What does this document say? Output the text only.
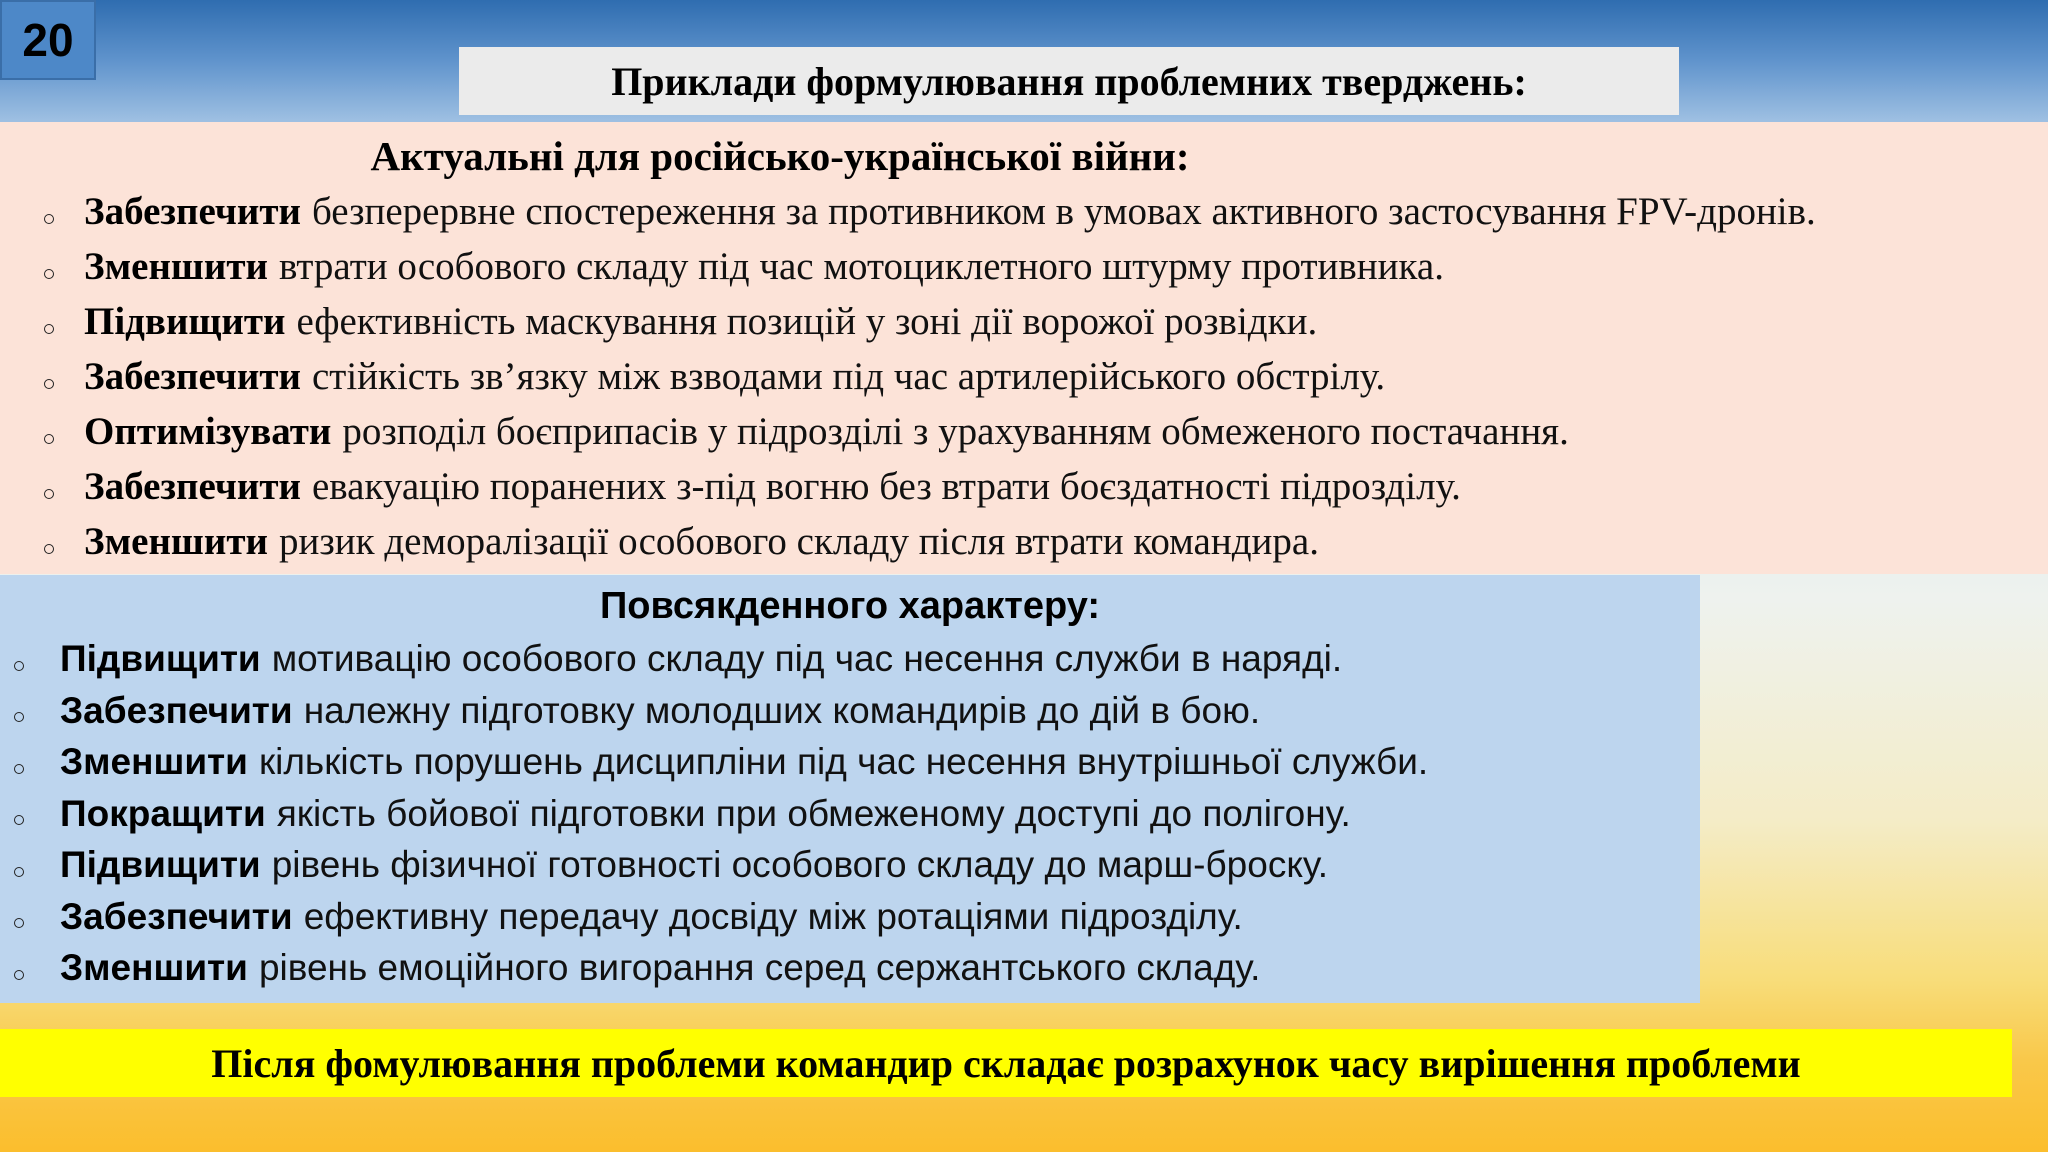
20
Приклади формулювання проблемних тверджень:
Актуальні для російсько-української війни:
Забезпечити безперервне спостереження за противником в умовах активного застосування FPV-дронів.
Зменшити втрати особового складу під час мотоциклетного штурму противника.
Підвищити ефективність маскування позицій у зоні дії ворожої розвідки.
Забезпечити стійкість зв’язку між взводами під час артилерійського обстрілу.
Оптимізувати розподіл боєприпасів у підрозділі з урахуванням обмеженого постачання.
Забезпечити евакуацію поранених з-під вогню без втрати боєздатності підрозділу.
Зменшити ризик деморалізації особового складу після втрати командира.
Повсякденного характеру:
Підвищити мотивацію особового складу під час несення служби в наряді.
Забезпечити належну підготовку молодших командирів до дій в бою.
Зменшити кількість порушень дисципліни під час несення внутрішньої служби.
Покращити якість бойової підготовки при обмеженому доступі до полігону.
Підвищити рівень фізичної готовності особового складу до марш-броску.
Забезпечити ефективну передачу досвіду між ротаціями підрозділу.
Зменшити рівень емоційного вигорання серед сержантського складу.
Після фомулювання проблеми командир складає розрахунок часу вирішення проблеми
